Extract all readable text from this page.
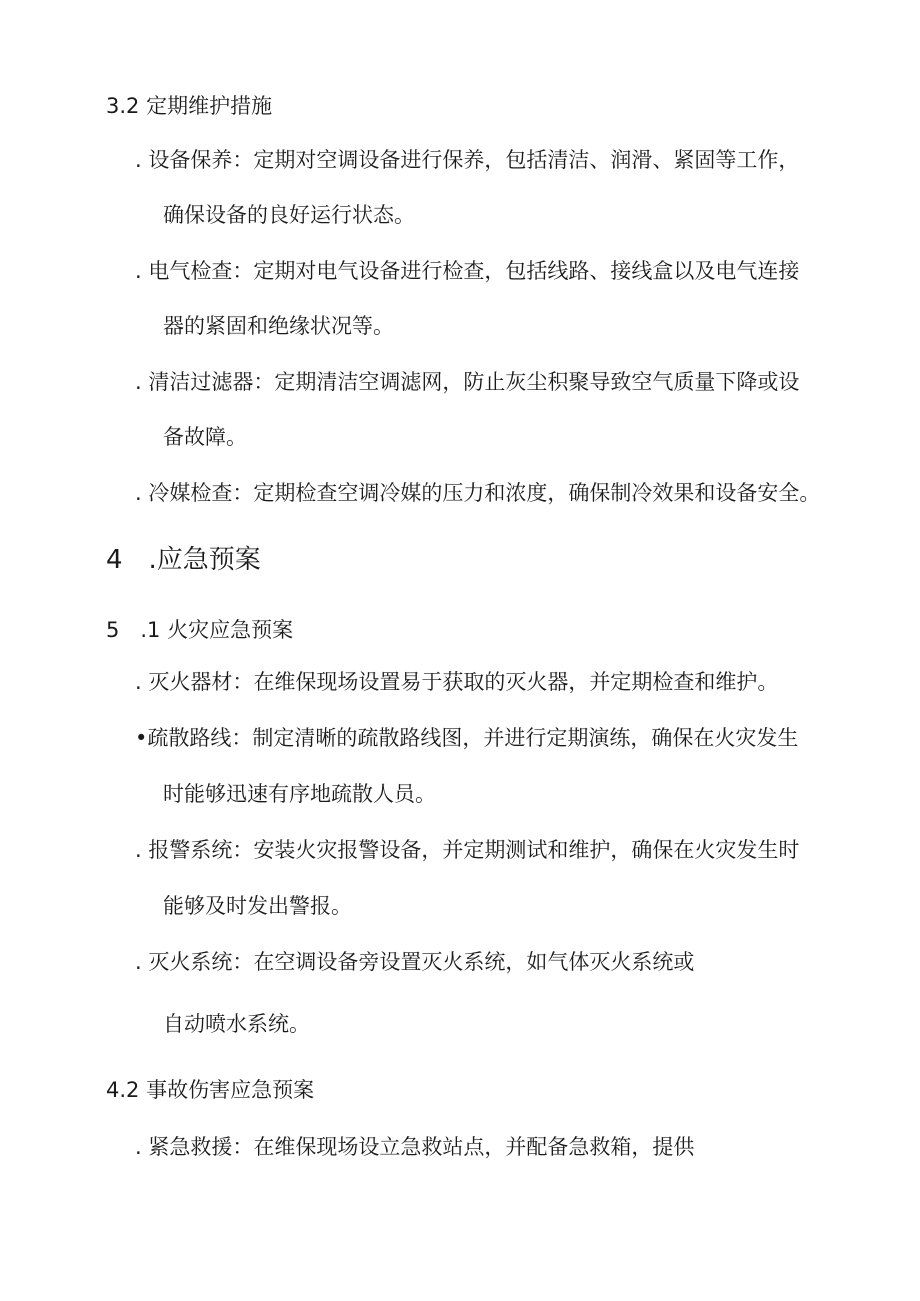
3.2 定期维护措施
. 设备保养：定期对空调设备进行保养，包括清洁、润滑、紧固等工作，
确保设备的良好运行状态。
. 电气检查：定期对电气设备进行检查，包括线路、接线盒以及电气连接
器的紧固和绝缘状况等。
. 清洁过滤器：定期清洁空调滤网，防止灰尘积聚导致空气质量下降或设
备故障。
. 冷媒检查：定期检查空调冷媒的压力和浓度，确保制冷效果和设备安全。
4 .应急预案
5 .1 火灾应急预案
. 灭火器材：在维保现场设置易于获取的灭火器，并定期检查和维护。
•疏散路线：制定清晰的疏散路线图，并进行定期演练，确保在火灾发生
时能够迅速有序地疏散人员。
. 报警系统：安装火灾报警设备，并定期测试和维护，确保在火灾发生时
能够及时发出警报。
. 灭火系统：在空调设备旁设置灭火系统，如气体灭火系统或
自动喷水系统。
4.2 事故伤害应急预案
. 紧急救援：在维保现场设立急救站点，并配备急救箱，提供
